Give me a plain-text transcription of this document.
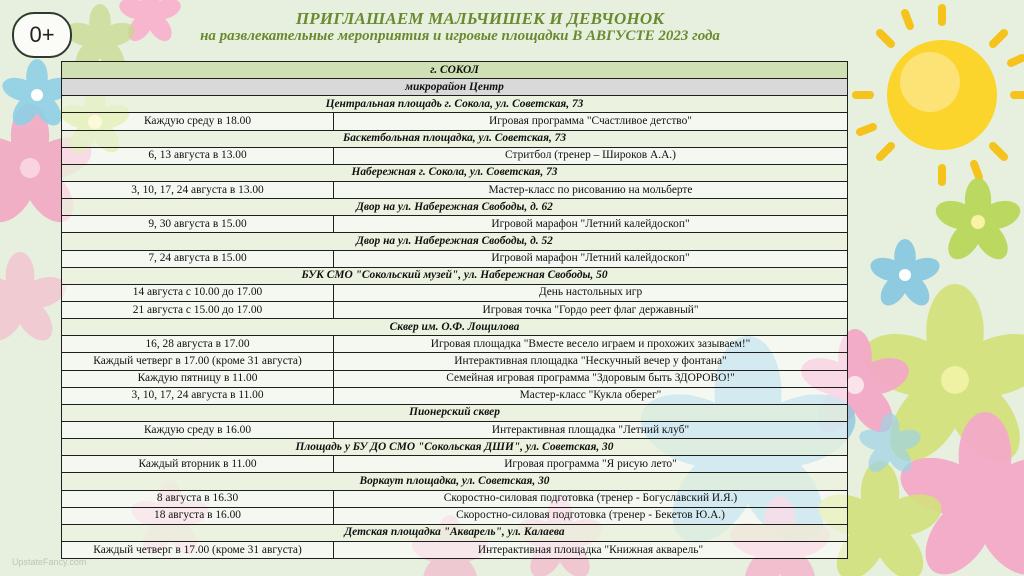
0+
ПРИГЛАШАЕМ МАЛЬЧИШЕК И ДЕВЧОНОК
на развлекательные мероприятия и игровые площадки В АВГУСТЕ 2023 года
г. СОКОЛ	
микрорайон Центр	
Центральная площадь г. Сокола, ул. Советская, 73	
Каждую среду в 18.00	Игровая программа "Счастливое детство"
Баскетбольная площадка, ул. Советская, 73	
6, 13 августа в 13.00	Стритбол (тренер – Широков А.А.)
Набережная г. Сокола, ул. Советская, 73	
3, 10, 17, 24 августа в 13.00	Мастер-класс по рисованию на мольберте
Двор на ул. Набережная Свободы, д. 62	
9, 30 августа в 15.00	Игровой марафон "Летний калейдоскоп"
Двор на ул. Набережная Свободы, д. 52	
7, 24 августа в 15.00	Игровой марафон "Летний калейдоскоп"
БУК СМО "Сокольский музей", ул. Набережная Свободы, 50	
14 августа с 10.00 до 17.00	День настольных игр
21 августа с 15.00 до 17.00	Игровая точка "Гордо реет флаг державный"
Сквер им. О.Ф. Лощилова	
16, 28 августа в 17.00	Игровая площадка "Вместе весело играем и прохожих зазываем!"
Каждый четверг в 17.00 (кроме 31 августа)	Интерактивная площадка "Нескучный вечер у фонтана"
Каждую пятницу в 11.00	Семейная игровая программа "Здоровым быть ЗДОРОВО!"
3, 10, 17, 24 августа в 11.00	Мастер-класс "Кукла оберег"
Пионерский сквер	
Каждую среду в 16.00	Интерактивная площадка "Летний клуб"
Площадь у БУ ДО СМО "Сокольская ДШИ", ул. Советская, 30	
Каждый вторник в 11.00	Игровая программа "Я рисую лето"
Воркаут площадка, ул. Советская, 30	
8 августа в 16.30	Скоростно-силовая подготовка (тренер - Богуславский И.Я.)
18 августа в 16.00	Скоростно-силовая подготовка (тренер - Бекетов Ю.А.)
Детская площадка "Акварель", ул. Калаева	
Каждый четверг в 17.00 (кроме 31 августа)	Интерактивная площадка "Книжная акварель"
UpstateFancy.com
